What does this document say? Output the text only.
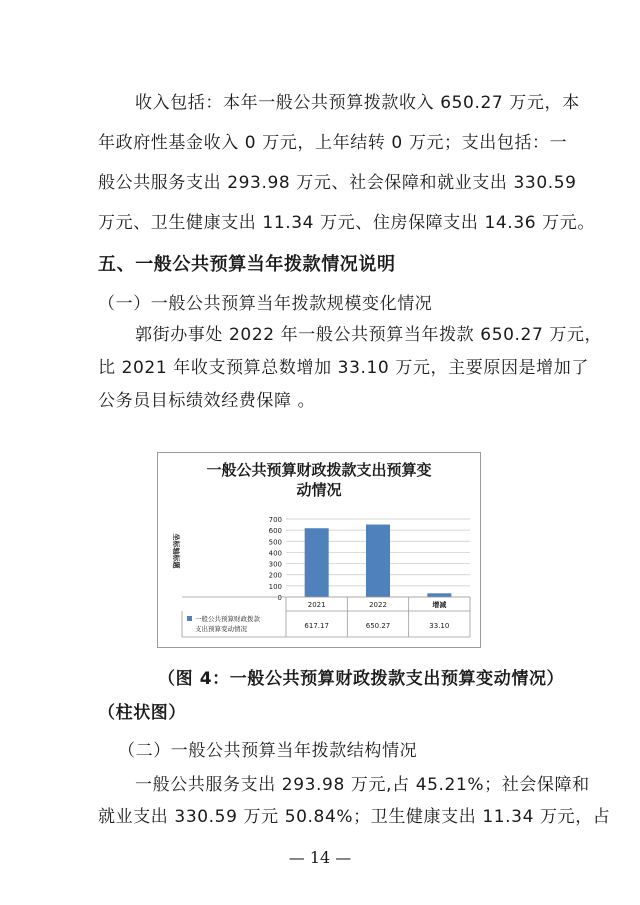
收入包括：本年一般公共预算拨款收入 650.27 万元，本
年政府性基金收入 0 万元，上年结转 0 万元；支出包括：一
般公共服务支出 293.98 万元、社会保障和就业支出 330.59
万元、卫生健康支出 11.34 万元、住房保障支出 14.36 万元。
五、一般公共预算当年拨款情况说明
（一）一般公共预算当年拨款规模变化情况
郭街办事处 2022 年一般公共预算当年拨款 650.27 万元，
比 2021 年收支预算总数增加 33.10 万元，主要原因是增加了
公务员目标绩效经费保障 。
一般公共预算财政拨款支出预算变
动情况
坐标轴标题
0
100
200
300
400
500
600
700
2021
617.17
2022
650.27
增减
33.10
一般公共预算财政拨款
支出预算变动情况
（图 4：一般公共预算财政拨款支出预算变动情况）
（柱状图）
（二）一般公共预算当年拨款结构情况
一般公共服务支出 293.98 万元,占 45.21%；社会保障和
就业支出 330.59 万元 50.84%；卫生健康支出 11.34 万元，占
— 14 —
